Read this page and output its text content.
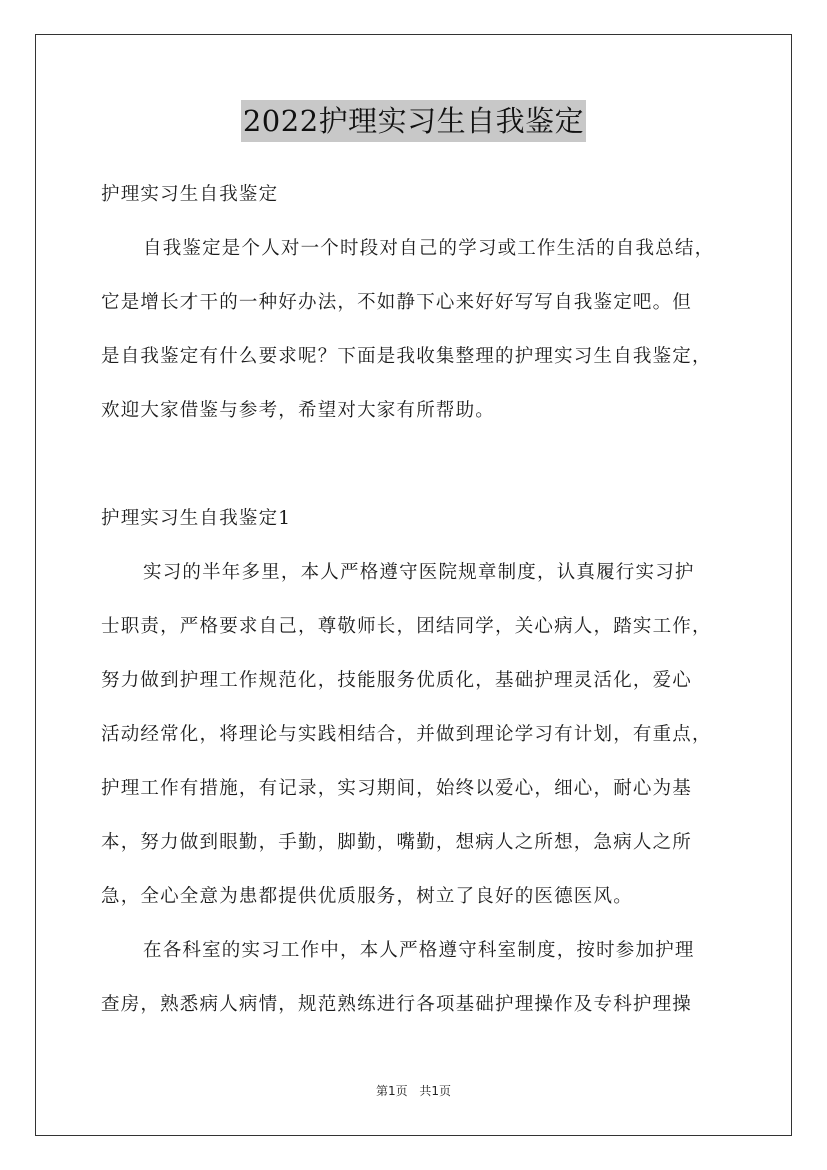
2022护理实习生自我鉴定
护理实习生自我鉴定
自我鉴定是个人对一个时段对自己的学习或工作生活的自我总结，
它是增长才干的一种好办法，不如静下心来好好写写自我鉴定吧。但
是自我鉴定有什么要求呢？下面是我收集整理的护理实习生自我鉴定，
欢迎大家借鉴与参考，希望对大家有所帮助。
护理实习生自我鉴定1
实习的半年多里，本人严格遵守医院规章制度，认真履行实习护
士职责，严格要求自己，尊敬师长，团结同学，关心病人，踏实工作，
努力做到护理工作规范化，技能服务优质化，基础护理灵活化，爱心
活动经常化，将理论与实践相结合，并做到理论学习有计划，有重点，
护理工作有措施，有记录，实习期间，始终以爱心，细心，耐心为基
本，努力做到眼勤，手勤，脚勤，嘴勤，想病人之所想，急病人之所
急，全心全意为患都提供优质服务，树立了良好的医德医风。
在各科室的实习工作中，本人严格遵守科室制度，按时参加护理
查房，熟悉病人病情，规范熟练进行各项基础护理操作及专科护理操
第1页 共1页
